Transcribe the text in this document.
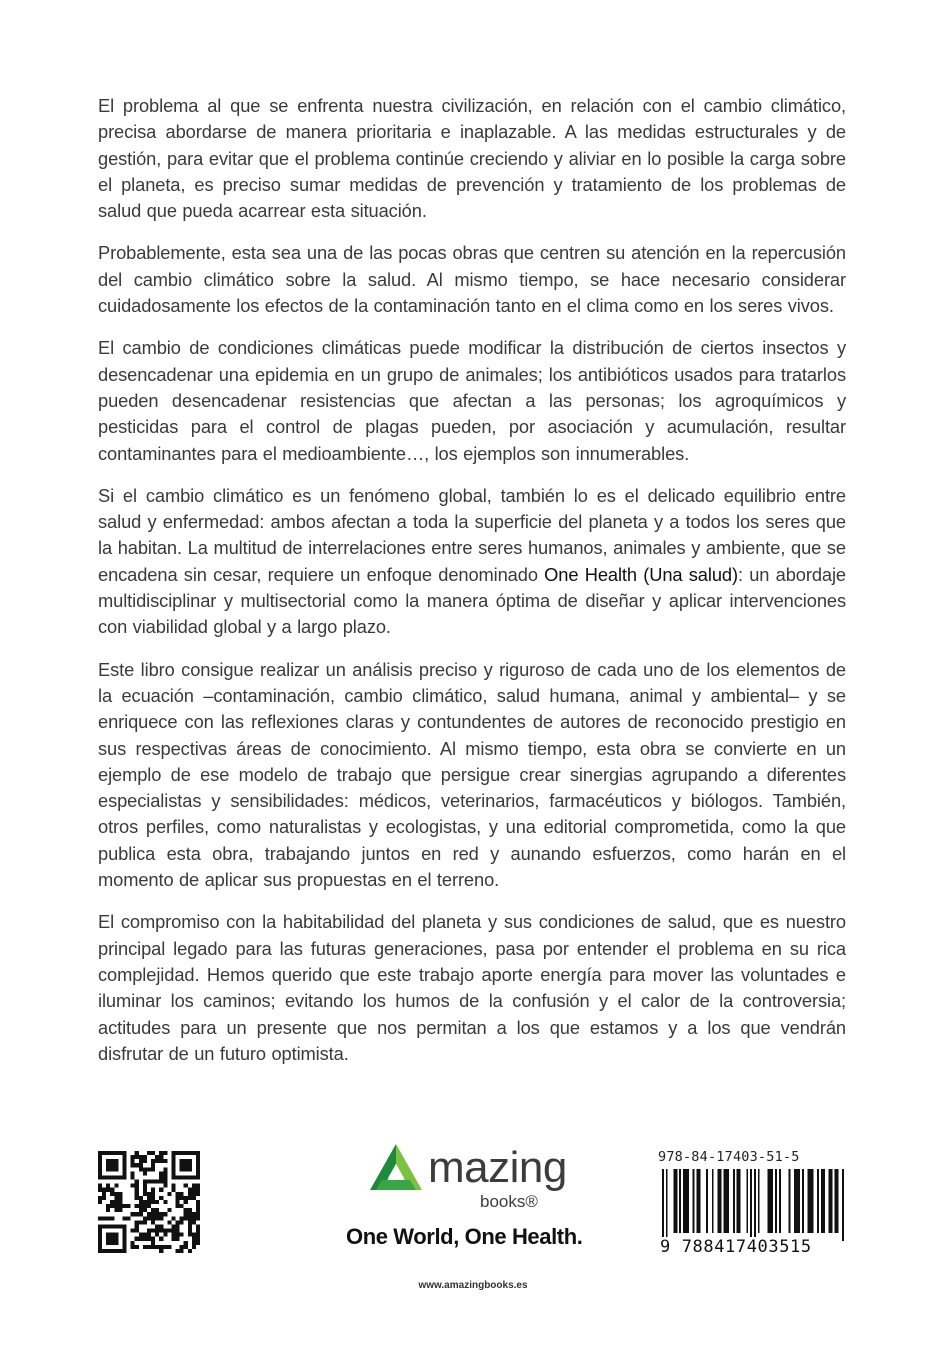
El problema al que se enfrenta nuestra civilización, en relación con el cambio climático, precisa abordarse de manera prioritaria e inaplazable. A las medidas estructurales y de gestión, para evitar que el problema continúe creciendo y aliviar en lo posible la carga sobre el planeta, es preciso sumar medidas de prevención y tratamiento de los problemas de salud que pueda acarrear esta situación.

Probablemente, esta sea una de las pocas obras que centren su atención en la repercusión del cambio climático sobre la salud. Al mismo tiempo, se hace necesario considerar cuidadosamente los efectos de la contaminación tanto en el clima como en los seres vivos.

El cambio de condiciones climáticas puede modificar la distribución de ciertos insectos y desencadenar una epidemia en un grupo de animales; los antibióticos usados para tratarlos pueden desencadenar resistencias que afectan a las personas; los agroquímicos y pesticidas para el control de plagas pueden, por asociación y acumulación, resultar contaminantes para el medioambiente…, los ejemplos son innumerables.

Si el cambio climático es un fenómeno global, también lo es el delicado equilibrio entre salud y enfermedad: ambos afectan a toda la superficie del planeta y a todos los seres que la habitan. La multitud de interrelaciones entre seres humanos, animales y ambiente, que se encadena sin cesar, requiere un enfoque denominado One Health (Una salud): un abordaje multidisciplinar y multisectorial como la manera óptima de diseñar y aplicar intervenciones con viabilidad global y a largo plazo.

Este libro consigue realizar un análisis preciso y riguroso de cada uno de los elementos de la ecuación –contaminación, cambio climático, salud humana, animal y ambiental– y se enriquece con las reflexiones claras y contundentes de autores de reconocido prestigio en sus respectivas áreas de conocimiento. Al mismo tiempo, esta obra se convierte en un ejemplo de ese modelo de trabajo que persigue crear sinergias agrupando a diferentes especialistas y sensibilidades: médicos, veterinarios, farmacéuticos y biólogos. También, otros perfiles, como naturalistas y ecologistas, y una editorial comprometida, como la que publica esta obra, trabajando juntos en red y aunando esfuerzos, como harán en el momento de aplicar sus propuestas en el terreno.

El compromiso con la habitabilidad del planeta y sus condiciones de salud, que es nuestro principal legado para las futuras generaciones, pasa por entender el problema en su rica complejidad. Hemos querido que este trabajo aporte energía para mover las voluntades e iluminar los caminos; evitando los humos de la confusión y el calor de la controversia; actitudes para un presente que nos permitan a los que estamos y a los que vendrán disfrutar de un futuro optimista.

mazing
books®
One World, One Health.
www.amazingbooks.es
978-84-17403-51-5
9 788417403515
